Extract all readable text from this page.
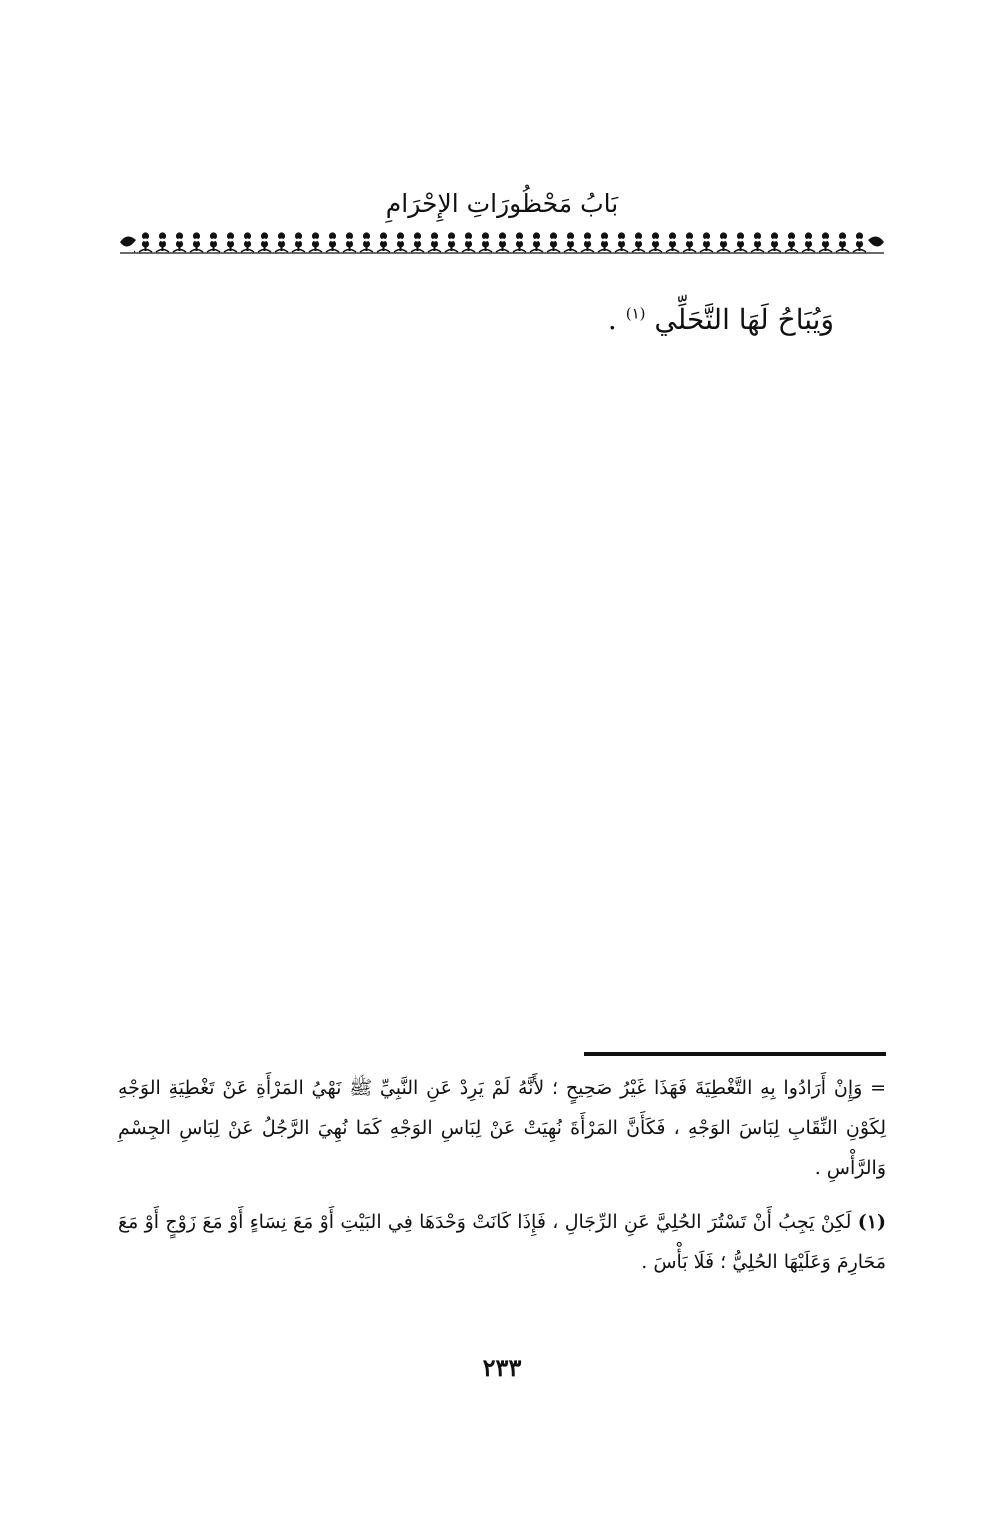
بَابُ مَحْظُورَاتِ الإِحْرَامِ
وَيُبَاحُ لَهَا التَّحَلِّي $^{(١)}$ .

= وَإِنْ أَرَادُوا بِهِ التَّغْطِيَةَ فَهَذَا غَيْرُ صَحِيحٍ ؛ لأَنَّهُ لَمْ يَرِدْ عَنِ النَّبِيِّ ﷺ نَهْيُ المَرْأَةِ عَنْ تَغْطِيَةِ الوَجْهِ لِكَوْنِ النِّقَابِ لِبَاسَ الوَجْهِ ، فَكَأَنَّ المَرْأَةَ نُهِيَتْ عَنْ لِبَاسِ الوَجْهِ كَمَا نُهِيَ الرَّجُلُ عَنْ لِبَاسِ الجِسْمِ وَالرَّأْسِ .

(١) لَكِنْ يَجِبُ أَنْ تَسْتُرَ الحُلِيَّ عَنِ الرِّجَالِ ، فَإِذَا كَانَتْ وَحْدَهَا فِي البَيْتِ أَوْ مَعَ نِسَاءٍ أَوْ مَعَ زَوْجٍ أَوْ مَعَ مَحَارِمَ وَعَلَيْهَا الحُلِيُّ ؛ فَلَا بَأْسَ .

٢٣٣
